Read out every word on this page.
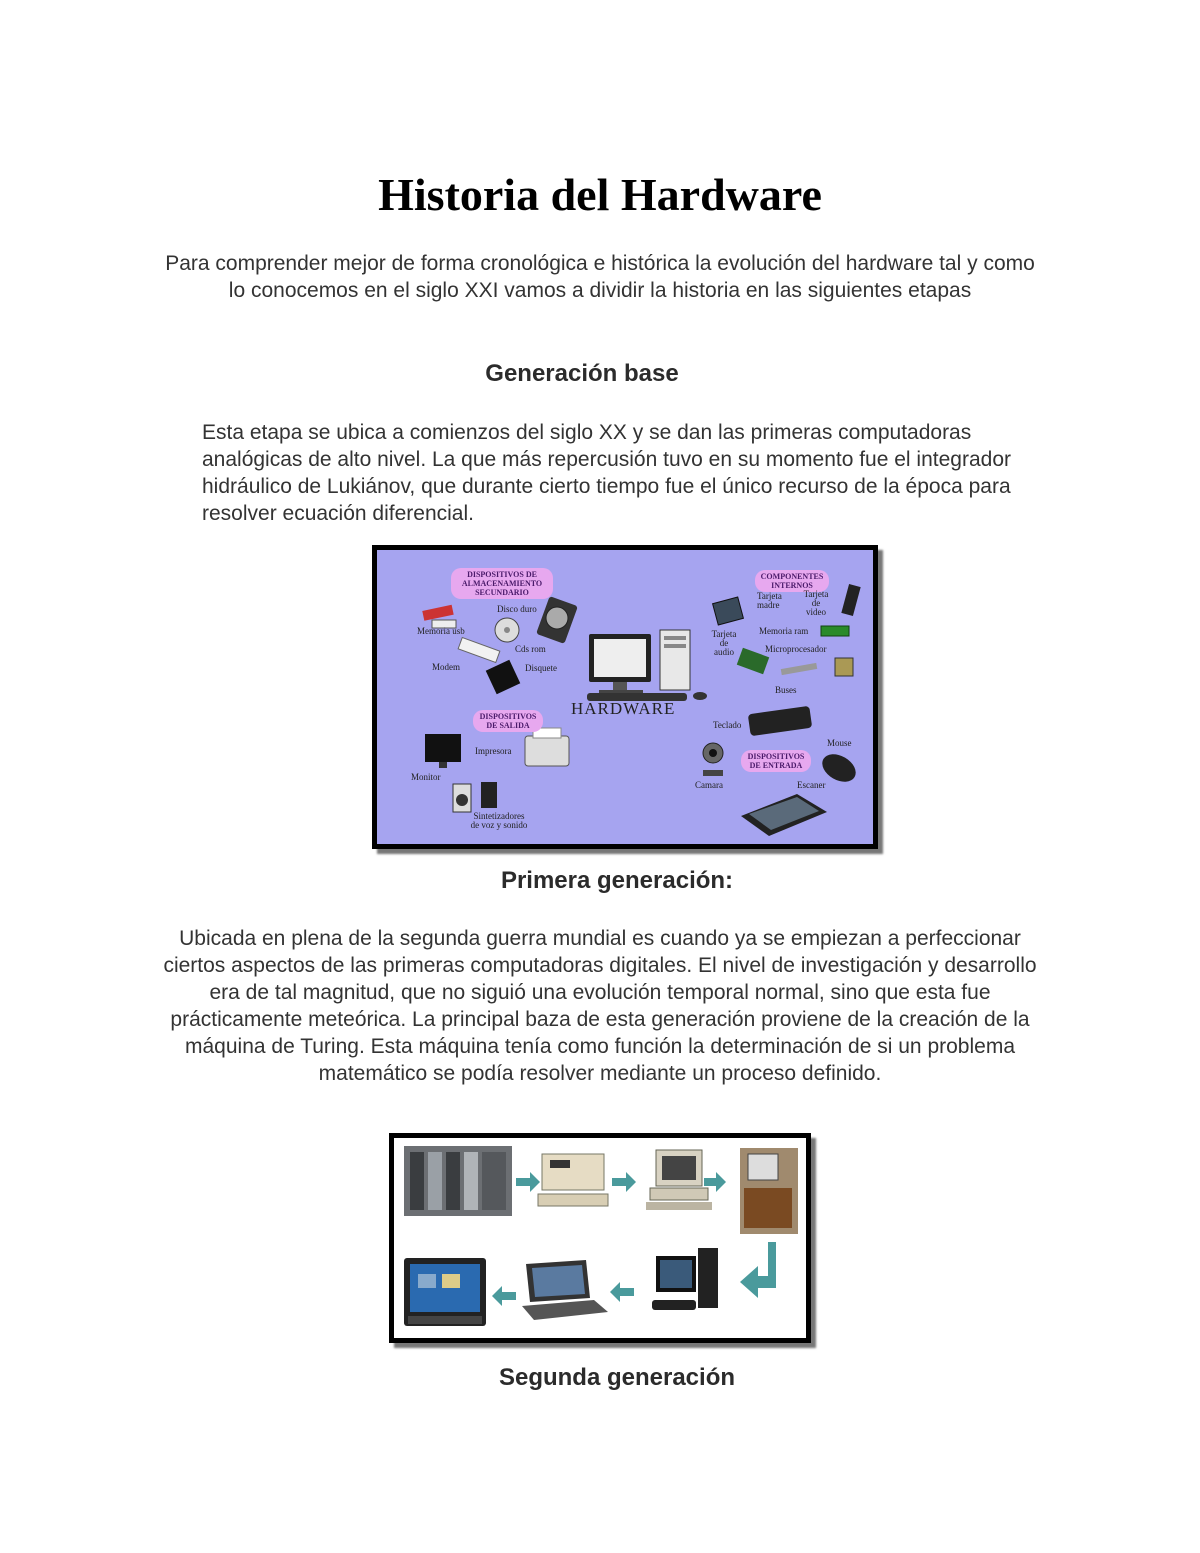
Historia del Hardware
Para comprender mejor de forma cronológica e histórica la evolución del hardware tal y como lo conocemos en el siglo XXI vamos a dividir la historia en las siguientes etapas
Generación base
Esta etapa se ubica a comienzos del siglo XX y se dan las primeras computadoras analógicas de alto nivel. La que más repercusión tuvo en su momento fue el integrador hidráulico de Lukiánov, que durante cierto tiempo fue el único recurso de la época para resolver ecuación diferencial.
DISPOSITIVOS DE ALMACENAMIENTO SECUNDARIO
COMPONENTES INTERNOS
DISPOSITIVOS DE SALIDA
DISPOSITIVOS DE ENTRADA
HARDWARE
Disco duro
Memoria usb
Cds rom
Modem	Disquete
Tarjeta madre
Tarjeta de video
Tarjeta de audio
Memoria ram
Microprocesador
Buses
Impresora
Monitor
Sintetizadores de voz y sonido
Teclado
Mouse
Camara	Escaner
Primera generación:
Ubicada en plena de la segunda guerra mundial es cuando ya se empiezan a perfeccionar ciertos aspectos de las primeras computadoras digitales. El nivel de investigación y desarrollo era de tal magnitud, que no siguió una evolución temporal normal, sino que esta fue prácticamente meteórica. La principal baza de esta generación proviene de la creación de la máquina de Turing. Esta máquina tenía como función la determinación de si un problema matemático se podía resolver mediante un proceso definido.
Segunda generación
